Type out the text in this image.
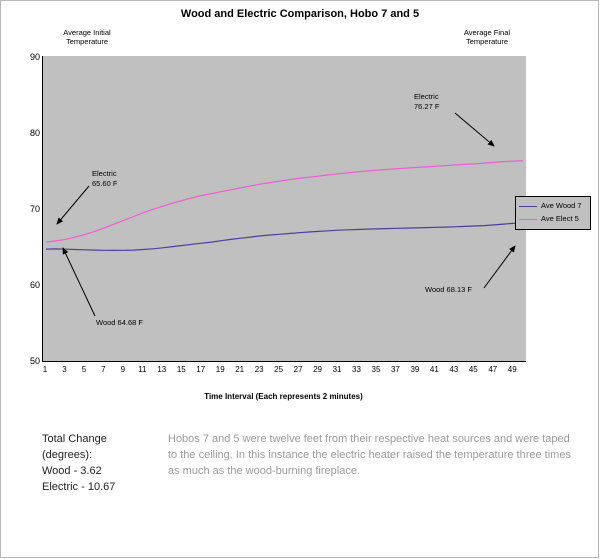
Wood and Electric Comparison, Hobo 7 and 5
Average Initial
Temperature
Average Final
Temperature
90
80
70
60
50
Electric
65.60 F
Wood 64.68 F
Electric
76.27 F
Wood 68.13 F
Ave Wood 7
Ave Elect 5
1	3	5	7	9	11	13	15	17	19	21	23	25	27	29	31	33	35	37	39	41	43	45	47	49
Time Interval (Each represents 2 minutes)
Total Change
(degrees):
Wood - 3.62
Electric - 10.67
Hobos 7 and 5 were twelve feet from their respective heat sources and were taped to the ceiling. In this instance the electric heater raised the temperature three times as much as the wood-burning fireplace.
